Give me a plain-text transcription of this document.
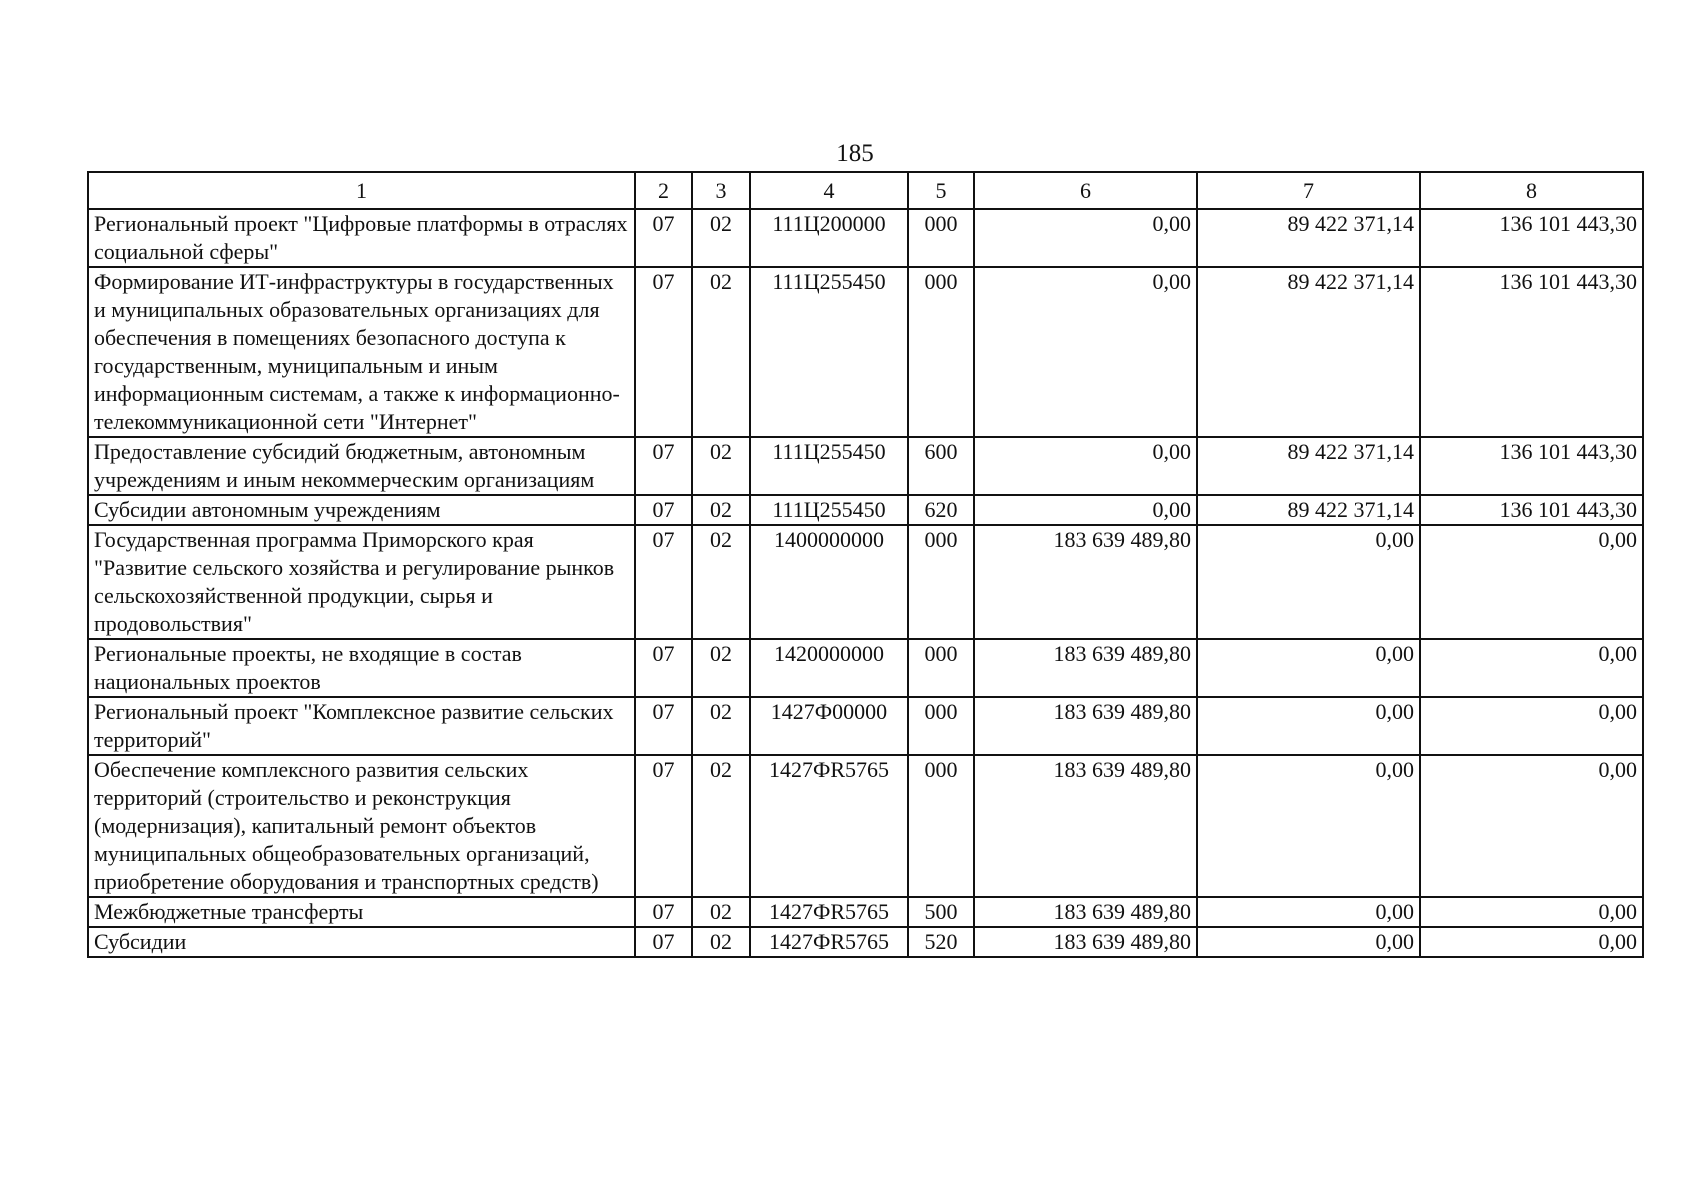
185
1	2	3	4	5	6	7	8
Региональный проект "Цифровые платформы в отраслях социальной сферы"	07	02	111Ц200000	000	0,00	89 422 371,14	136 101 443,30
Формирование ИТ-инфраструктуры в государственных и муниципальных образовательных организациях для обеспечения в помещениях безопасного доступа к государственным, муниципальным и иным информационным системам, а также к информационно-телекоммуникационной сети "Интернет"	07	02	111Ц255450	000	0,00	89 422 371,14	136 101 443,30
Предоставление субсидий бюджетным, автономным учреждениям и иным некоммерческим организациям	07	02	111Ц255450	600	0,00	89 422 371,14	136 101 443,30
Субсидии автономным учреждениям	07	02	111Ц255450	620	0,00	89 422 371,14	136 101 443,30
Государственная программа Приморского края "Развитие сельского хозяйства и регулирование рынков сельскохозяйственной продукции, сырья и продовольствия"	07	02	1400000000	000	183 639 489,80	0,00	0,00
Региональные проекты, не входящие в состав национальных проектов	07	02	1420000000	000	183 639 489,80	0,00	0,00
Региональный проект "Комплексное развитие сельских территорий"	07	02	1427Ф00000	000	183 639 489,80	0,00	0,00
Обеспечение комплексного развития сельских территорий (строительство и реконструкция (модернизация), капитальный ремонт объектов муниципальных общеобразовательных организаций, приобретение оборудования и транспортных средств)	07	02	1427ФR5765	000	183 639 489,80	0,00	0,00
Межбюджетные трансферты	07	02	1427ФR5765	500	183 639 489,80	0,00	0,00
Субсидии	07	02	1427ФR5765	520	183 639 489,80	0,00	0,00
